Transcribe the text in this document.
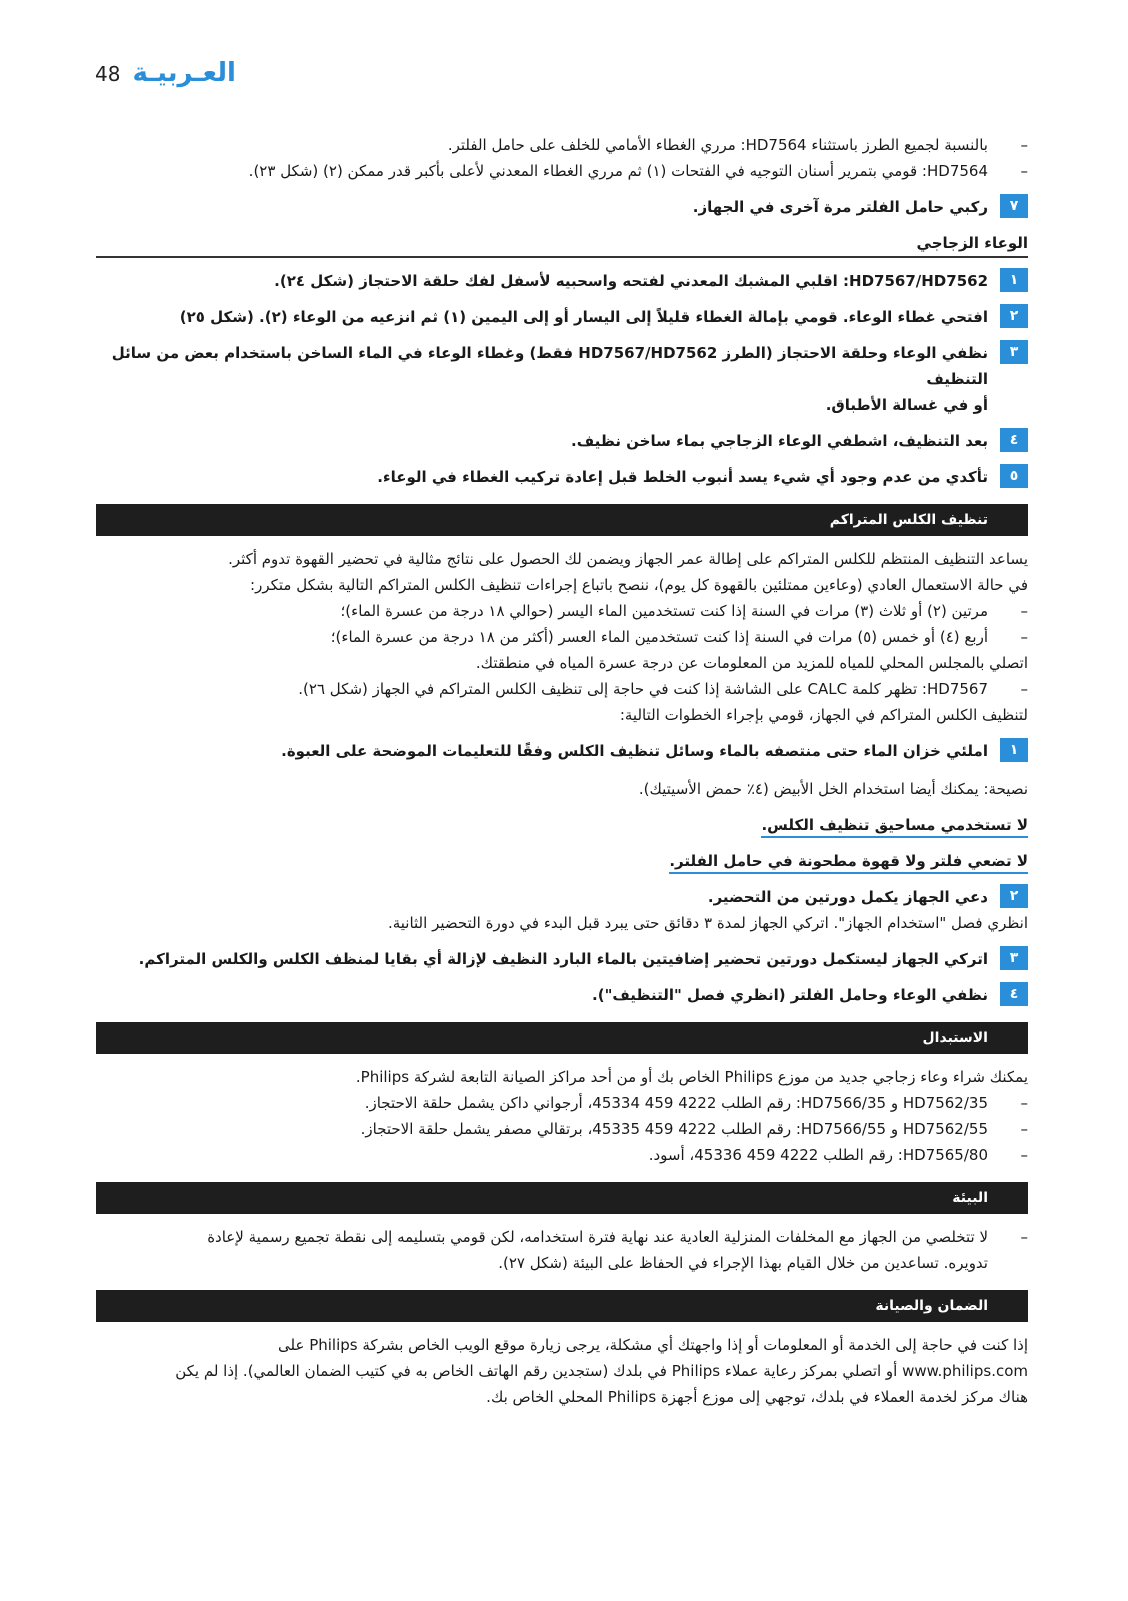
48 العـربيـة
– بالنسبة لجميع الطرز باستثناء HD7564: مرري الغطاء الأمامي للخلف على حامل الفلتر.
– HD7564: قومي بتمرير أسنان التوجيه في الفتحات (١) ثم مرري الغطاء المعدني لأعلى بأكبر قدر ممكن (٢) (شكل ٢٣).
٧
ركبي حامل الفلتر مرة آخرى في الجهاز.
الوعاء الزجاجي
١
HD7567/HD7562: اقلبي المشبك المعدني لفتحه واسحبيه لأسفل لفك حلقة الاحتجاز (شكل ٢٤).
٢
افتحي غطاء الوعاء. قومي بإمالة الغطاء قليلاً إلى اليسار أو إلى اليمين (١) ثم انزعيه من الوعاء (٢). (شكل ٢٥)
٣
نظفي الوعاء وحلقة الاحتجاز (الطرز HD7567/HD7562 فقط) وغطاء الوعاء في الماء الساخن باستخدام بعض من سائل التنظيف
أو في غسالة الأطباق.
٤
بعد التنظيف، اشطفي الوعاء الزجاجي بماء ساخن نظيف.
٥
تأكدي من عدم وجود أي شيء يسد أنبوب الخلط قبل إعادة تركيب الغطاء في الوعاء.
تنظيف الكلس المتراكم
يساعد التنظيف المنتظم للكلس المتراكم على إطالة عمر الجهاز ويضمن لك الحصول على نتائج مثالية في تحضير القهوة تدوم أكثر.
في حالة الاستعمال العادي (وعاءين ممتلئين بالقهوة كل يوم)، ننصح باتباع إجراءات تنظيف الكلس المتراكم التالية بشكل متكرر:
– مرتين (٢) أو ثلاث (٣) مرات في السنة إذا كنت تستخدمين الماء اليسر (حوالي ١٨ درجة من عسرة الماء)؛
– أربع (٤) أو خمس (٥) مرات في السنة إذا كنت تستخدمين الماء العسر (أكثر من ١٨ درجة من عسرة الماء)؛
اتصلي بالمجلس المحلي للمياه للمزيد من المعلومات عن درجة عسرة المياه في منطقتك.
– HD7567: تظهر كلمة CALC على الشاشة إذا كنت في حاجة إلى تنظيف الكلس المتراكم في الجهاز (شكل ٢٦).
لتنظيف الكلس المتراكم في الجهاز، قومي بإجراء الخطوات التالية:
١
املئي خزان الماء حتى منتصفه بالماء وسائل تنظيف الكلس وفقًا للتعليمات الموضحة على العبوة.
نصيحة: يمكنك أيضا استخدام الخل الأبيض (٤٪ حمض الأسيتيك).
لا تستخدمي مساحيق تنظيف الكلس.
لا تضعي فلتر ولا قهوة مطحونة في حامل الفلتر.
٢
دعي الجهاز يكمل دورتين من التحضير.
انظري فصل "استخدام الجهاز". اتركي الجهاز لمدة ٣ دقائق حتى يبرد قبل البدء في دورة التحضير الثانية.
٣
اتركي الجهاز ليستكمل دورتين تحضير إضافيتين بالماء البارد النظيف لإزالة أي بقايا لمنظف الكلس والكلس المتراكم.
٤
نظفي الوعاء وحامل الفلتر (انظري فصل "التنظيف").
الاستبدال
يمكنك شراء وعاء زجاجي جديد من موزع Philips الخاص بك أو من أحد مراكز الصيانة التابعة لشركة Philips.
– HD7562/35 و HD7566/35: رقم الطلب 4222 459 45334، أرجواني داكن يشمل حلقة الاحتجاز.
– HD7562/55 و HD7566/55: رقم الطلب 4222 459 45335، برتقالي مصفر يشمل حلقة الاحتجاز.
– HD7565/80: رقم الطلب 4222 459 45336، أسود.
البيئة
– لا تتخلصي من الجهاز مع المخلفات المنزلية العادية عند نهاية فترة استخدامه، لكن قومي بتسليمه إلى نقطة تجميع رسمية لإعادة
تدويره. تساعدين من خلال القيام بهذا الإجراء في الحفاظ على البيئة (شكل ٢٧).
الضمان والصيانة
إذا كنت في حاجة إلى الخدمة أو المعلومات أو إذا واجهتك أي مشكلة، يرجى زيارة موقع الويب الخاص بشركة Philips على
www.philips.com أو اتصلي بمركز رعاية عملاء Philips في بلدك (ستجدين رقم الهاتف الخاص به في كتيب الضمان العالمي). إذا لم يكن
هناك مركز لخدمة العملاء في بلدك، توجهي إلى موزع أجهزة Philips المحلي الخاص بك.
